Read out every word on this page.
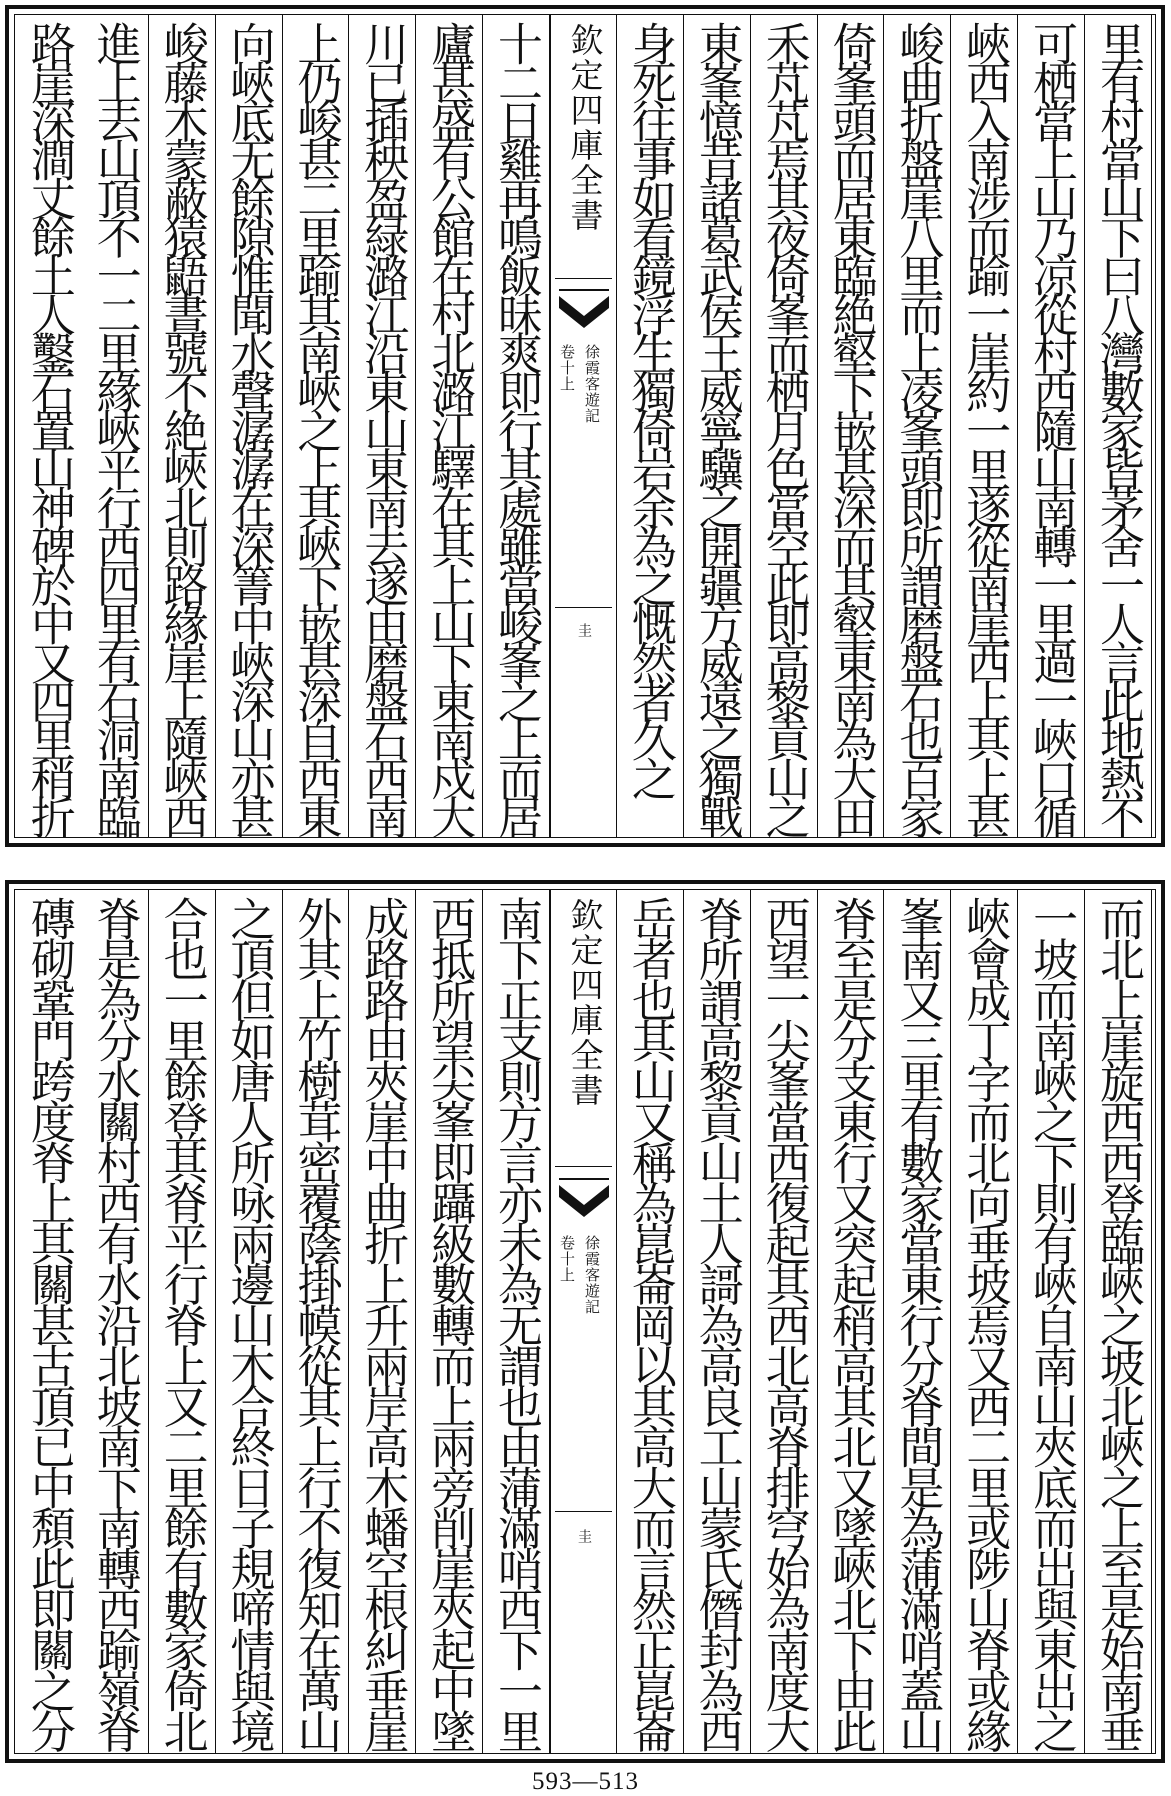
里有村當山下曰八灣數家皆茅舍一人言此地熱不
可栖當上山乃凉從村西隨山南轉一里過一峽口循
峽西入南涉而踰一崖約一里遂從南崖西上其上甚
峻曲折盤崖八里而上凌峯頭即所謂磨盤石也百家
倚峯頭而居東臨絶壑下嵌甚深而其壑東南為大田
禾芃芃焉其夜倚峯而栖月色當空此即高黎貢山之
東峯憶昔諸葛武侯王威寧驥之開疆方威遠之獨戰
身死往事如看鏡浮生獨倚岩余為之慨然者久之
欽定四庫全書
徐霞客遊記
卷十上
圭
十二日雞再鳴飯昧爽即行其處雖當峻峯之上而居
廬甚盛有公館在村北潞江驛在其上山下東南戍大
川已插秧盈緑潞江沿東山東南去遂由磨盤石西南
上仍峻甚二里踰其南峽之上其峽下嵌甚深自西東
向峽底无餘隙惟聞水聲潺潺在深箐中峽深山亦甚
峻藤木蒙蔽猿鼯晝號不絶峽北則路緣崖上隨峽西
進上去山頂不一二里緣峽平行西四里有石洞南臨
路崖深澗丈餘土人鑿石置山神碑於中又四里稍折
而北上崖旋西西登臨峽之坡北峽之上至是始南垂
一坡而南峽之下則有峽自南山夾底而出與東出之
峽會成丁字而北向垂坡焉又西二里或陟山脊或緣
峯南又三里有數家當東行分脊間是為蒲滿哨蓋山
脊至是分支東行又突起稍高其北又墜峽北下由此
西望一尖峯當西復起其西北高脊排穹始為南度大
脊所謂高黎貢山土人謌為高良工山蒙氏僭封為西
岳者也其山又稱為崑崙岡以其高大而言然正崑崙
欽定四庫全書
徐霞客遊記
卷十上
圭
南下正支則方言亦未為无謂也由蒲滿哨西下一里
西抵所望尖峯即躡級數轉而上兩旁削崖夾起中墜
成路路由夾崖中曲折上升兩岸高木蟠空根糾垂崖
外其上竹樹茸密覆蔭掛幙從其上行不復知在萬山
之頂但如唐人所咏兩邊山木合終日子規啼情與境
合也一里餘登其脊平行脊上又二里餘有數家倚北
脊是為分水關村西有水沿北坡南下南轉西踰嶺脊
磚砌鞏門跨度脊上其關甚古頂已中頽此即關之分
593—513
